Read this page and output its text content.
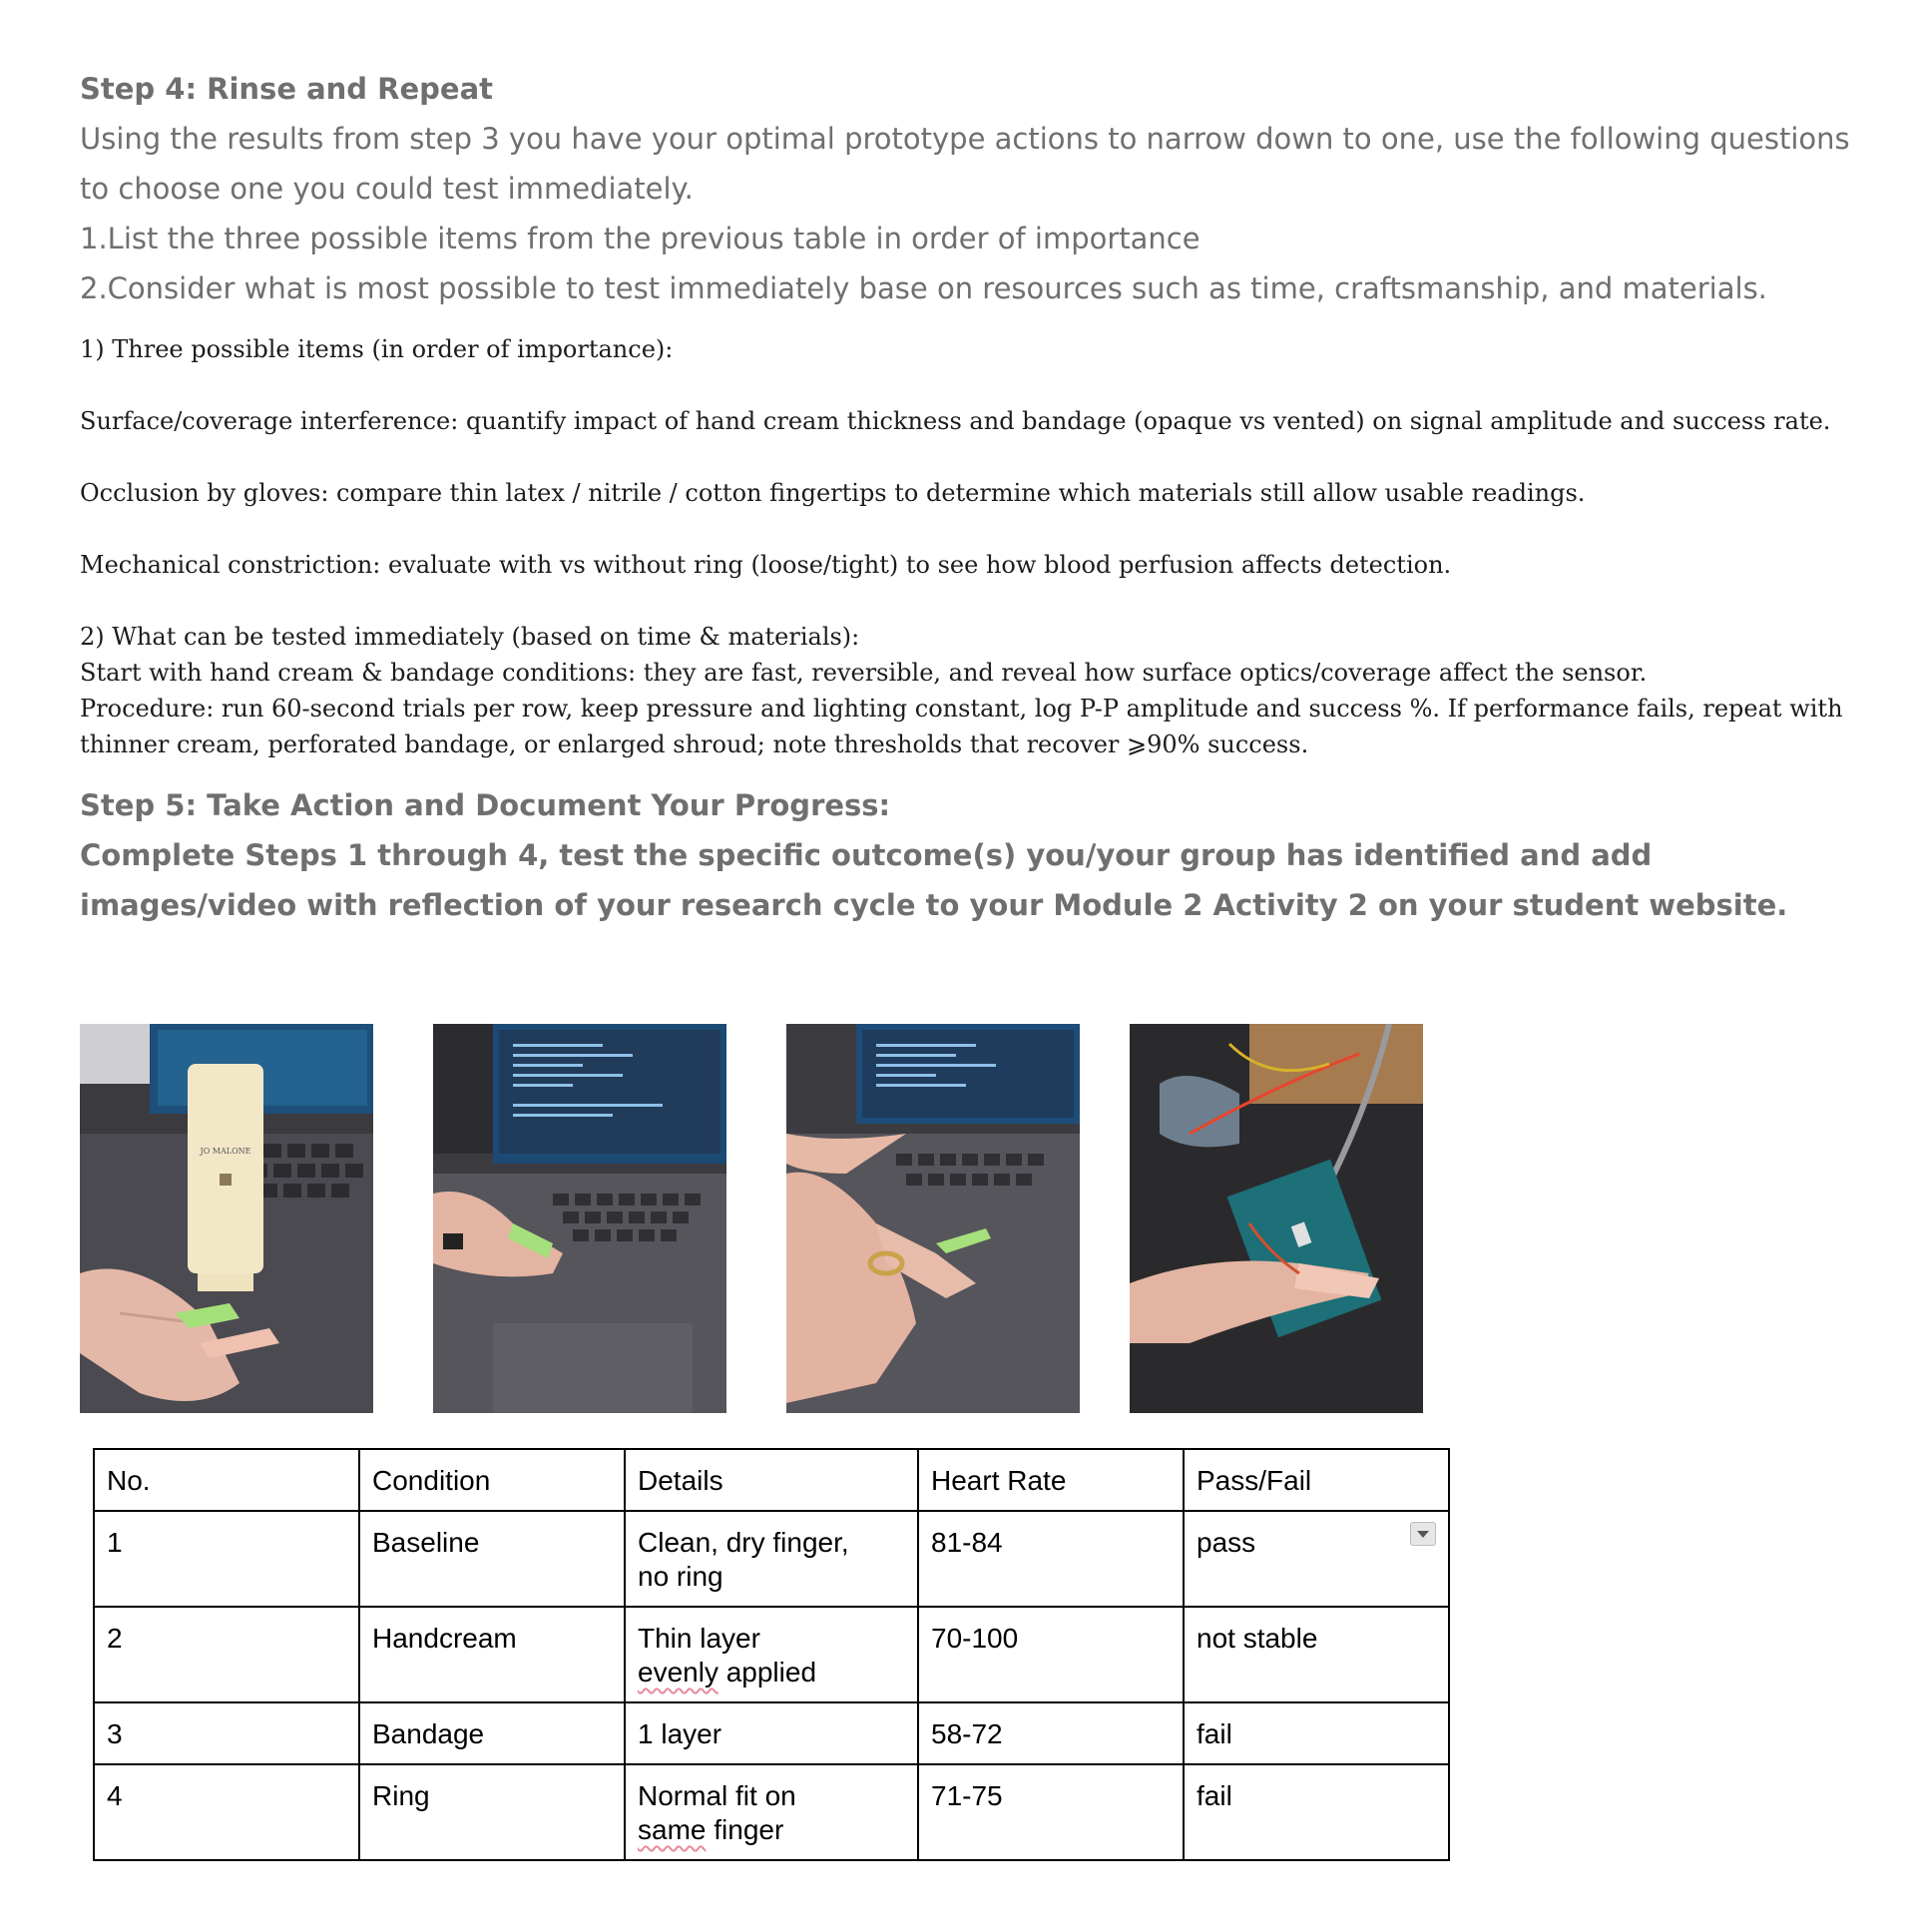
Step 4: Rinse and Repeat

Using the results from step 3 you have your optimal prototype actions to narrow down to one, use the following questions

to choose one you could test immediately.

1.List the three possible items from the previous table in order of importance

2.Consider what is most possible to test immediately base on resources such as time, craftsmanship, and materials.

1) Three possible items (in order of importance):

Surface/coverage interference: quantify impact of hand cream thickness and bandage (opaque vs vented) on signal amplitude and success rate.

Occlusion by gloves: compare thin latex / nitrile / cotton fingertips to determine which materials still allow usable readings.

Mechanical constriction: evaluate with vs without ring (loose/tight) to see how blood perfusion affects detection.

2) What can be tested immediately (based on time & materials):

Start with hand cream & bandage conditions: they are fast, reversible, and reveal how surface optics/coverage affect the sensor.

Procedure: run 60-second trials per row, keep pressure and lighting constant, log P-P amplitude and success %. If performance fails, repeat with thinner cream, perforated bandage, or enlarged shroud; note thresholds that recover ⩾90% success.

Step 5: Take Action and Document Your Progress:

Complete Steps 1 through 4, test the specific outcome(s) you/your group has identified and add images/video with reflection of your research cycle to your Module 2 Activity 2 on your student website.

JO MALONE
No.	Condition	Details	Heart Rate	Pass/Fail
1	Baseline	Clean, dry finger, no ring	81-84	pass

2	Handcream	Thin layer
evenly applied	70-100	not stable
3	Bandage	1 layer	58-72	fail
4	Ring	Normal fit on
same finger	71-75	fail
